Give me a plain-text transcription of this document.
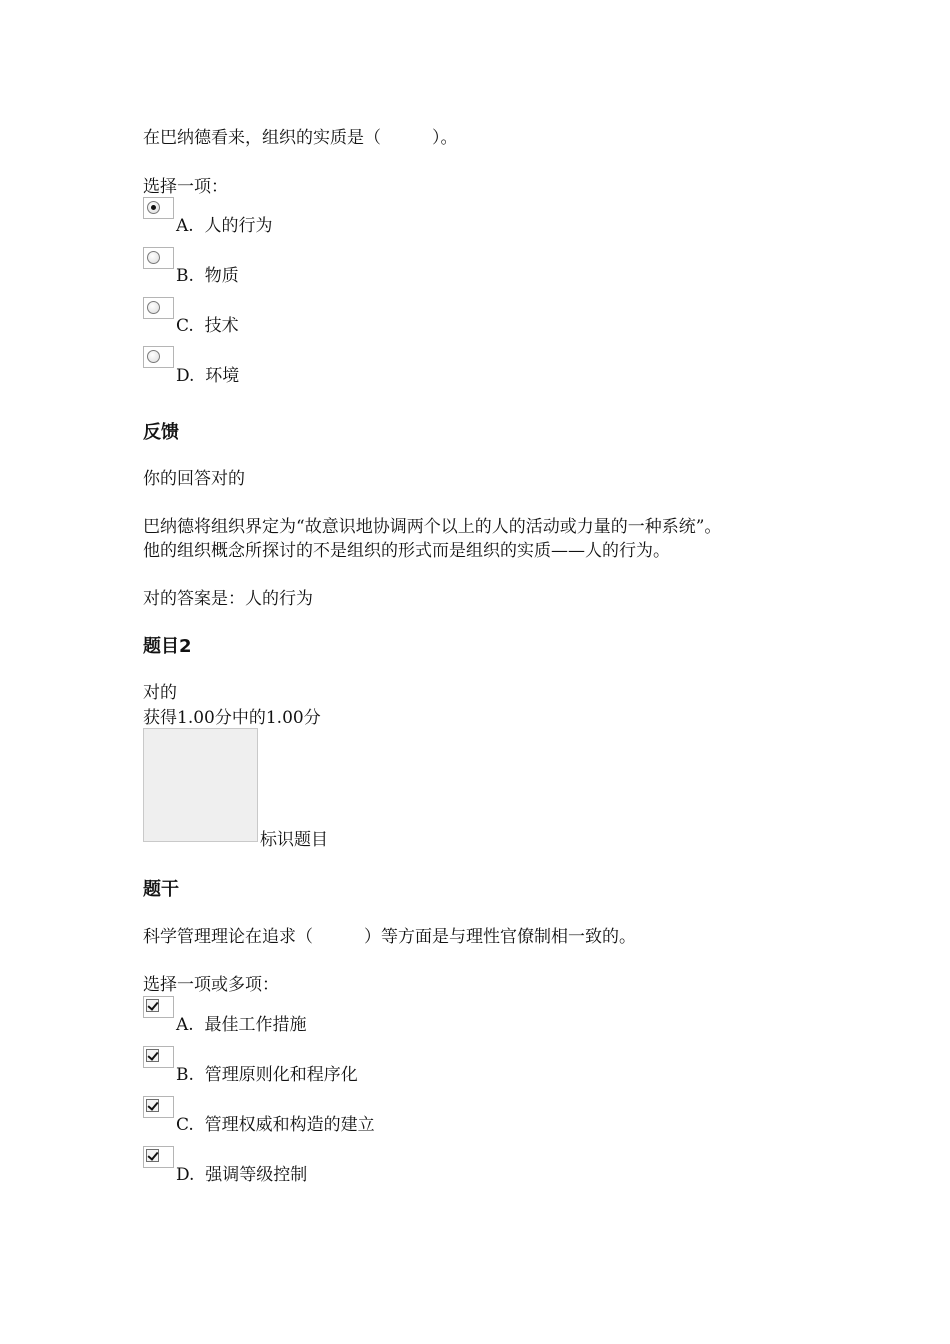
在巴纳德看来，组织的实质是（　　　）。
选择一项：
A. 人的行为
B. 物质
C. 技术
D. 环境
反馈
你的回答对的
巴纳德将组织界定为“故意识地协调两个以上的人的活动或力量的一种系统”。
他的组织概念所探讨的不是组织的形式而是组织的实质——人的行为。
对的答案是：人的行为
题目2
对的
获得1.00分中的1.00分
标识题目
题干
科学管理理论在追求（　　　）等方面是与理性官僚制相一致的。
选择一项或多项：
A. 最佳工作措施
B. 管理原则化和程序化
C. 管理权威和构造的建立
D. 强调等级控制
